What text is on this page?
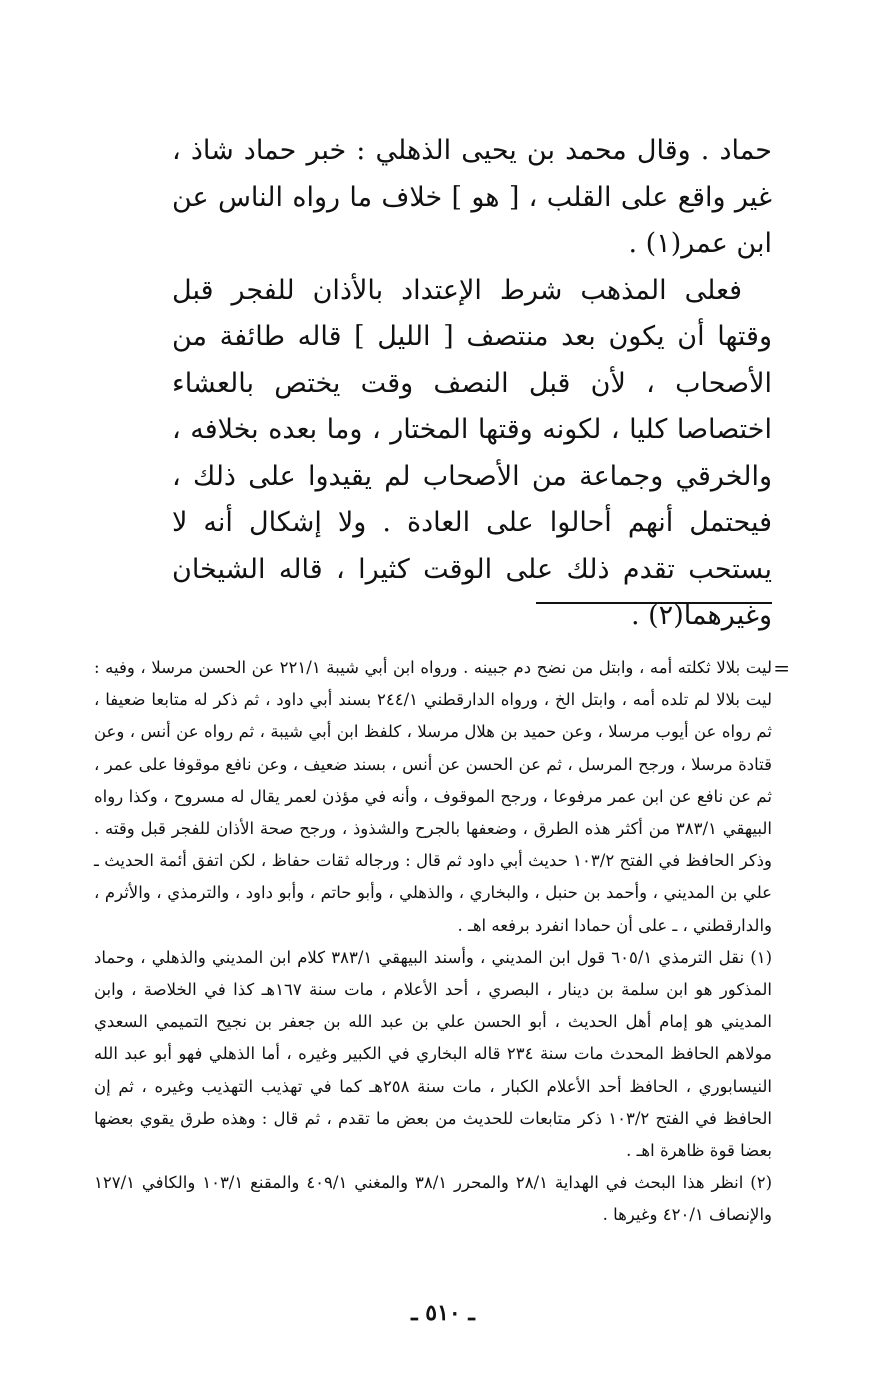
حماد . وقال محمد بن يحيى الذهلي : خبر حماد شاذ ، غير واقع على القلب ، [ هو ] خلاف ما رواه الناس عن ابن عمر(١) .

فعلى المذهب شرط الإعتداد بالأذان للفجر قبل وقتها أن يكون بعد منتصف [ الليل ] قاله طائفة من الأصحاب ، لأن قبل النصف وقت يختص بالعشاء اختصاصا كليا ، لكونه وقتها المختار ، وما بعده بخلافه ، والخرقي وجماعة من الأصحاب لم يقيدوا على ذلك ، فيحتمل أنهم أحالوا على العادة . ولا إشكال أنه لا يستحب تقدم ذلك على الوقت كثيرا ، قاله الشيخان وغيرهما(٢) .

=

ليت بلالا ثكلته أمه ، وابتل من نضح دم جبينه . ورواه ابن أبي شيبة ٢٢١/١ عن الحسن مرسلا ، وفيه : ليت بلالا لم تلده أمه ، وابتل الخ ، ورواه الدارقطني ٢٤٤/١ بسند أبي داود ، ثم ذكر له متابعا ضعيفا ، ثم رواه عن أيوب مرسلا ، وعن حميد بن هلال مرسلا ، كلفظ ابن أبي شيبة ، ثم رواه عن أنس ، وعن قتادة مرسلا ، ورجح المرسل ، ثم عن الحسن عن أنس ، بسند ضعيف ، وعن نافع موقوفا على عمر ، ثم عن نافع عن ابن عمر مرفوعا ، ورجح الموقوف ، وأنه في مؤذن لعمر يقال له مسروح ، وكذا رواه البيهقي ٣٨٣/١ من أكثر هذه الطرق ، وضعفها بالجرح والشذوذ ، ورجح صحة الأذان للفجر قبل وقته . وذكر الحافظ في الفتح ١٠٣/٢ حديث أبي داود ثم قال : ورجاله ثقات حفاظ ، لكن اتفق أئمة الحديث ـ علي بن المديني ، وأحمد بن حنبل ، والبخاري ، والذهلي ، وأبو حاتم ، وأبو داود ، والترمذي ، والأثرم ، والدارقطني ، ـ على أن حمادا انفرد برفعه اهـ .

(١) نقل الترمذي ٦٠٥/١ قول ابن المديني ، وأسند البيهقي ٣٨٣/١ كلام ابن المديني والذهلي ، وحماد المذكور هو ابن سلمة بن دينار ، البصري ، أحد الأعلام ، مات سنة ١٦٧هـ كذا في الخلاصة ، وابن المديني هو إمام أهل الحديث ، أبو الحسن علي بن عبد الله بن جعفر بن نجيح التميمي السعدي مولاهم الحافظ المحدث مات سنة ٢٣٤ قاله البخاري في الكبير وغيره ، أما الذهلي فهو أبو عبد الله النيسابوري ، الحافظ أحد الأعلام الكبار ، مات سنة ٢٥٨هـ كما في تهذيب التهذيب وغيره ، ثم إن الحافظ في الفتح ١٠٣/٢ ذكر متابعات للحديث من بعض ما تقدم ، ثم قال : وهذه طرق يقوي بعضها بعضا قوة ظاهرة اهـ .

(٢) انظر هذا البحث في الهداية ٢٨/١ والمحرر ٣٨/١ والمغني ٤٠٩/١ والمقنع ١٠٣/١ والكافي ١٢٧/١ والإنصاف ٤٢٠/١ وغيرها .

ـ ٥١٠ ـ
